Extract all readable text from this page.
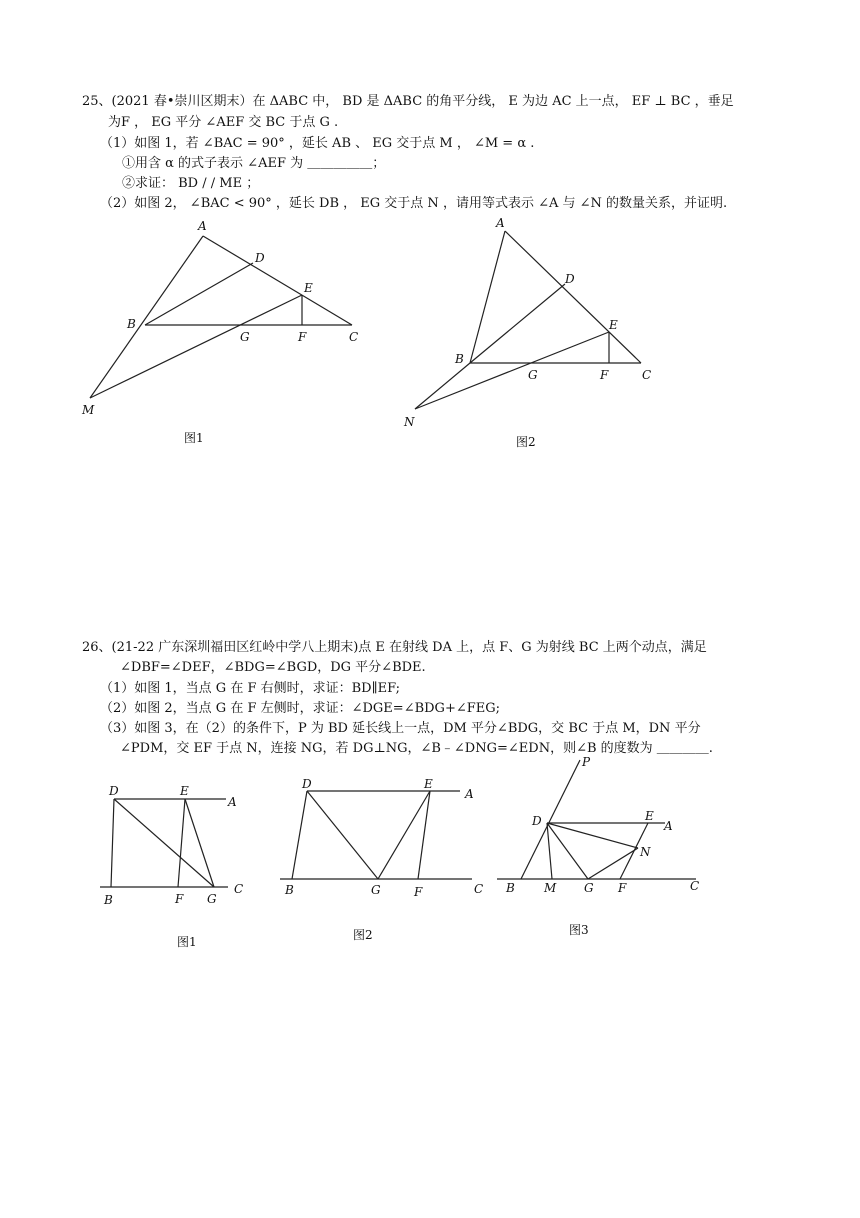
25、(2021 春•崇川区期末）在 ΔABC 中， BD 是 ΔABC 的角平分线， E 为边 AC 上一点， EF ⊥ BC ，垂足
为F ， EG 平分 ∠AEF 交 BC 于点 G .
（1）如图 1，若 ∠BAC = 90° ，延长 AB 、 EG 交于点 M ， ∠M = α .
①用含 α 的式子表示 ∠AEF 为 ＿＿＿＿＿；
②求证： BD / / ME ；
（2）如图 2， ∠BAC < 90° ，延长 DB ， EG 交于点 N ，请用等式表示 ∠A 与 ∠N 的数量关系，并证明.
A
D
E
B
G	F	C
M
图1
A
D
E
B
G	F	C
N
图2
26、(21-22 广东深圳福田区红岭中学八上期末)点 E 在射线 DA 上，点 F、G 为射线 BC 上两个动点，满足
∠DBF=∠DEF，∠BDG=∠BGD，DG 平分∠BDE.
（1）如图 1，当点 G 在 F 右侧时，求证：BD∥EF;
（2）如图 2，当点 G 在 F 左侧时，求证：∠DGE=∠BDG+∠FEG;
（3）如图 3，在（2）的条件下，P 为 BD 延长线上一点，DM 平分∠BDG，交 BC 于点 M，DN 平分
∠PDM，交 EF 于点 N，连接 NG，若 DG⊥NG，∠B﹣∠DNG=∠EDN，则∠B 的度数为 ＿＿＿＿.
D	E
A
B	F G
C
图1
D	E
A
B	G	F	C
图2
P
D	E
A
N
B M G F	C
图3
